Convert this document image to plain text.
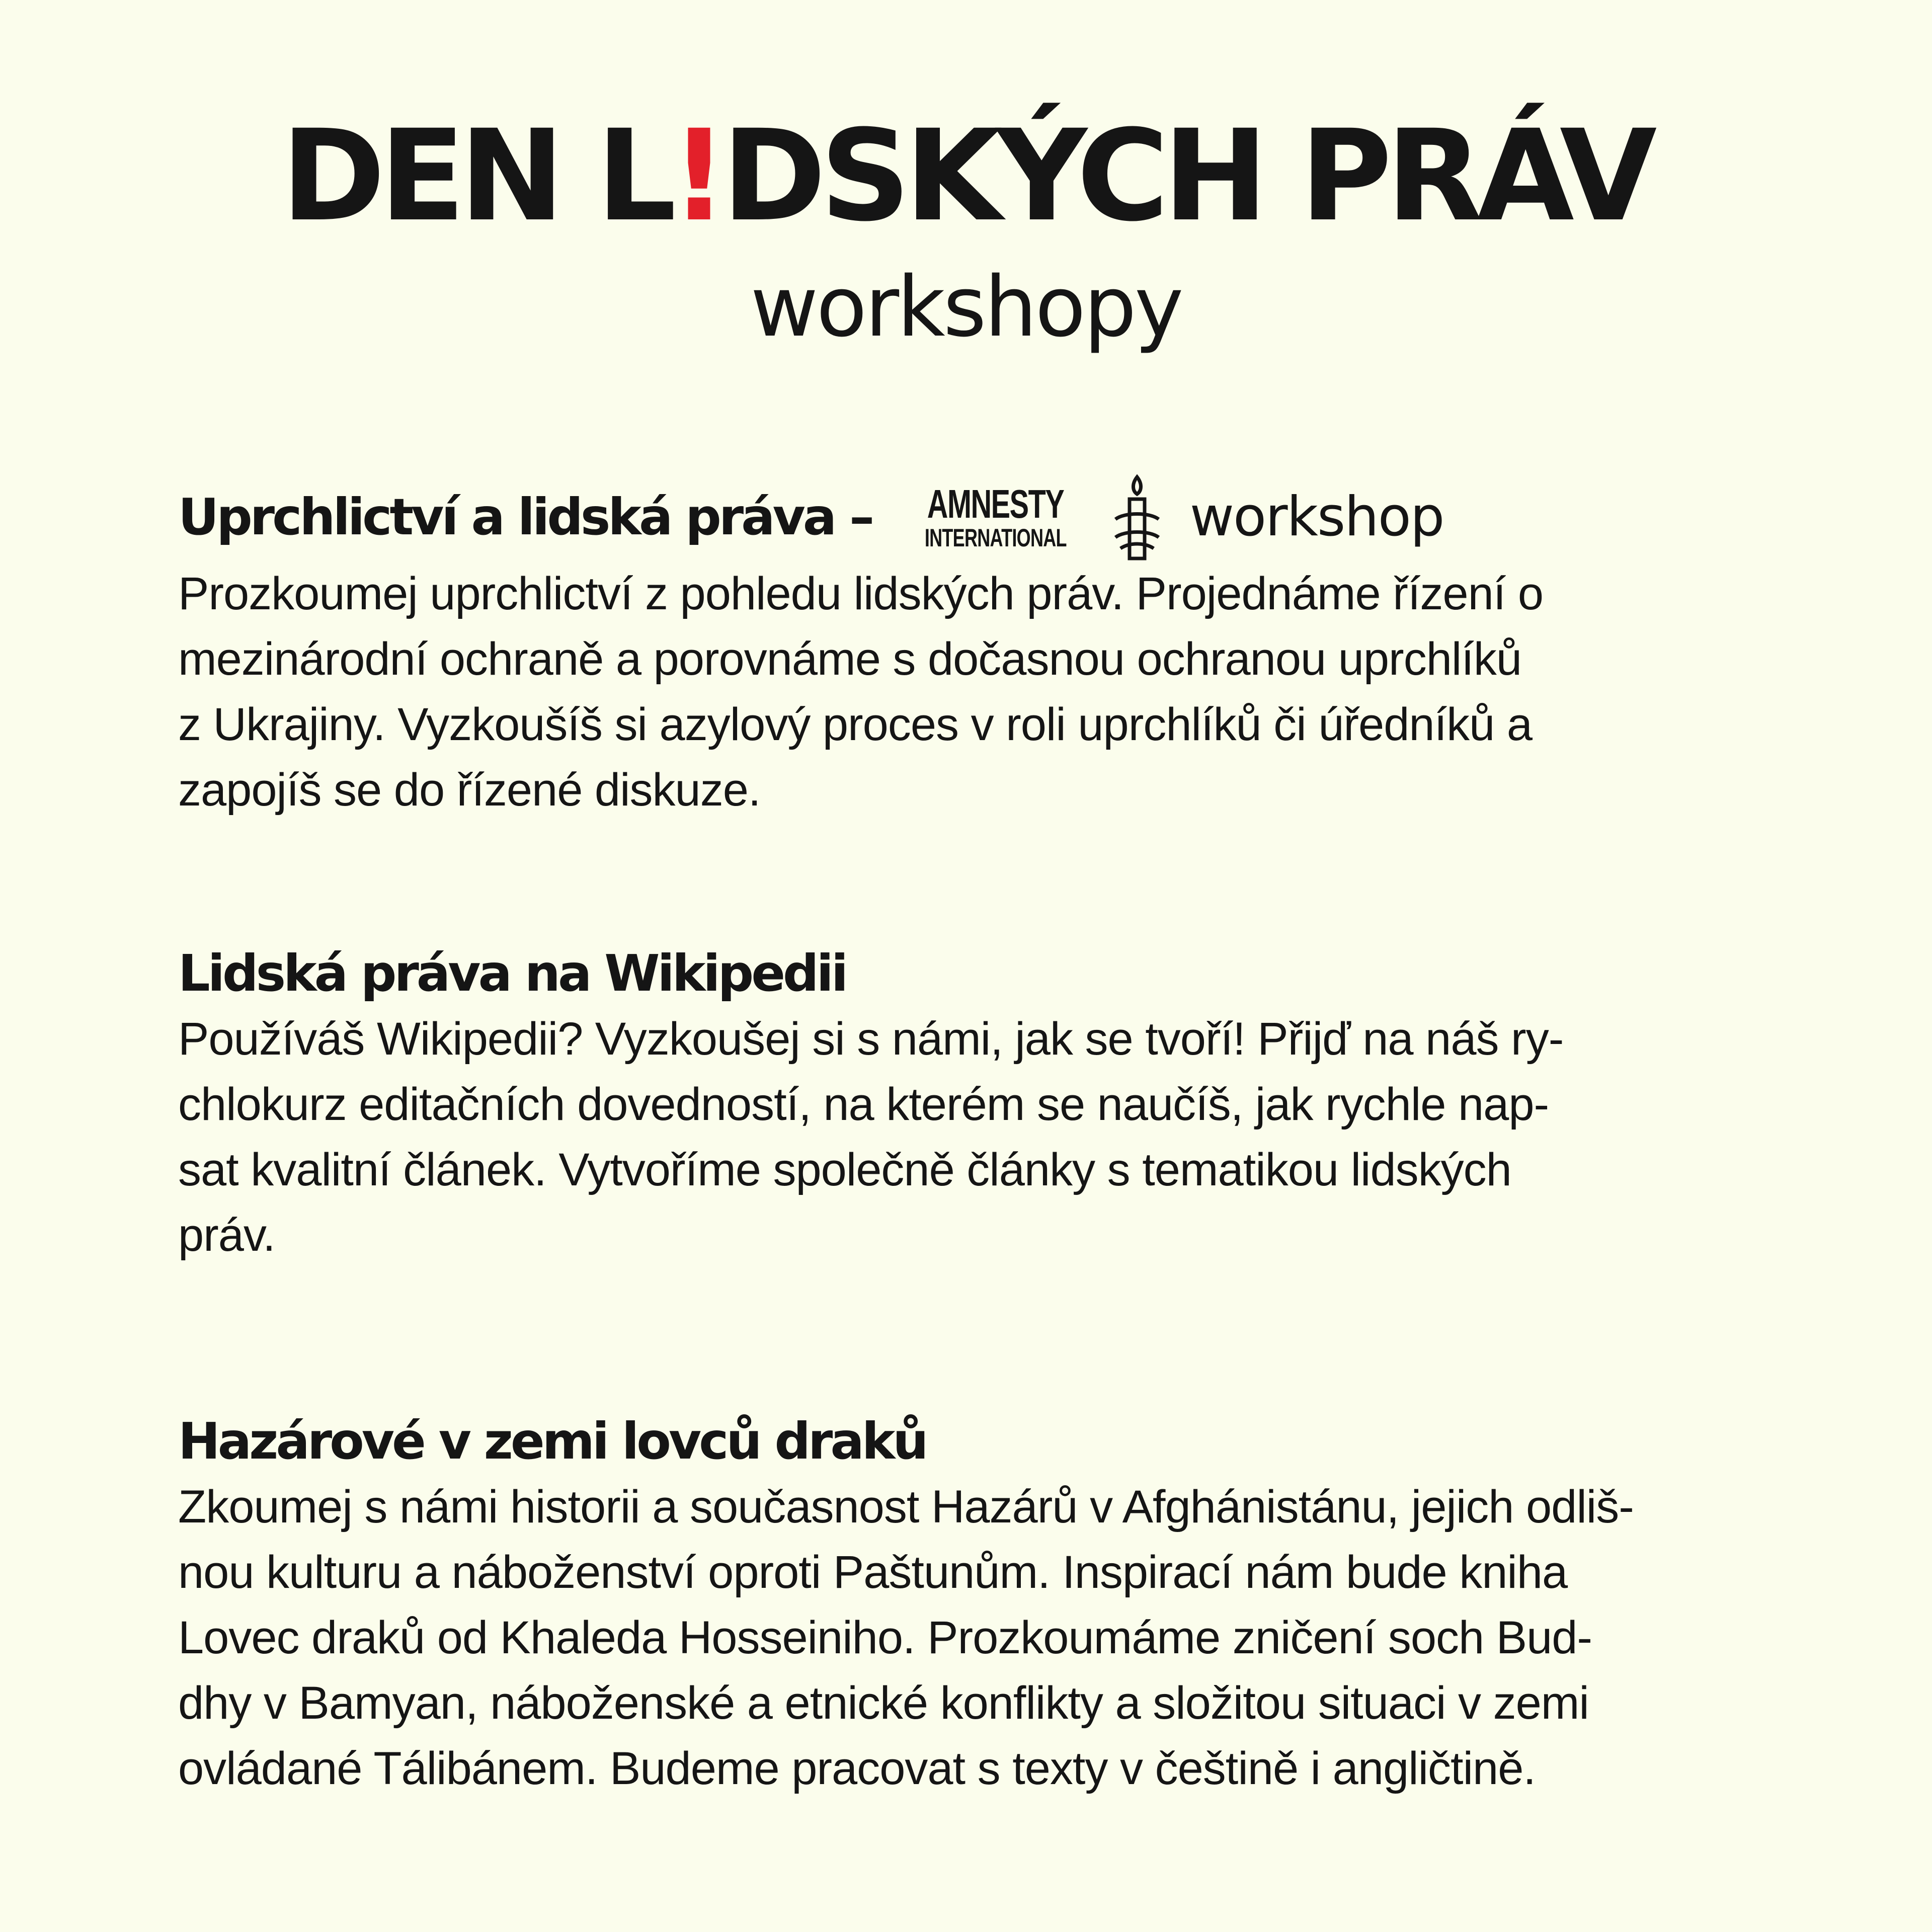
DEN L!DSKÝCH PRÁV
workshopy
Uprchlictví a lidská práva – AMNESTY
INTERNATIONAL workshop
Prozkoumej uprchlictví z pohledu lidských práv. Projednáme řízení o
mezinárodní ochraně a porovnáme s dočasnou ochranou uprchlíků
z Ukrajiny. Vyzkoušíš si azylový proces v roli uprchlíků či úředníků a
zapojíš se do řízené diskuze.
Lidská práva na Wikipedii
Používáš Wikipedii? Vyzkoušej si s námi, jak se tvoří! Přijď na náš ry-
chlokurz editačních dovedností, na kterém se naučíš, jak rychle nap-
sat kvalitní článek. Vytvoříme společně články s tematikou lidských
práv.
Hazárové v zemi lovců draků
Zkoumej s námi historii a současnost Hazárů v Afghánistánu, jejich odliš-
nou kulturu a náboženství oproti Paštunům. Inspirací nám bude kniha
Lovec draků od Khaleda Hosseiniho. Prozkoumáme zničení soch Bud-
dhy v Bamyan, náboženské a etnické konflikty a složitou situaci v zemi
ovládané Tálibánem. Budeme pracovat s texty v češtině i angličtině.
